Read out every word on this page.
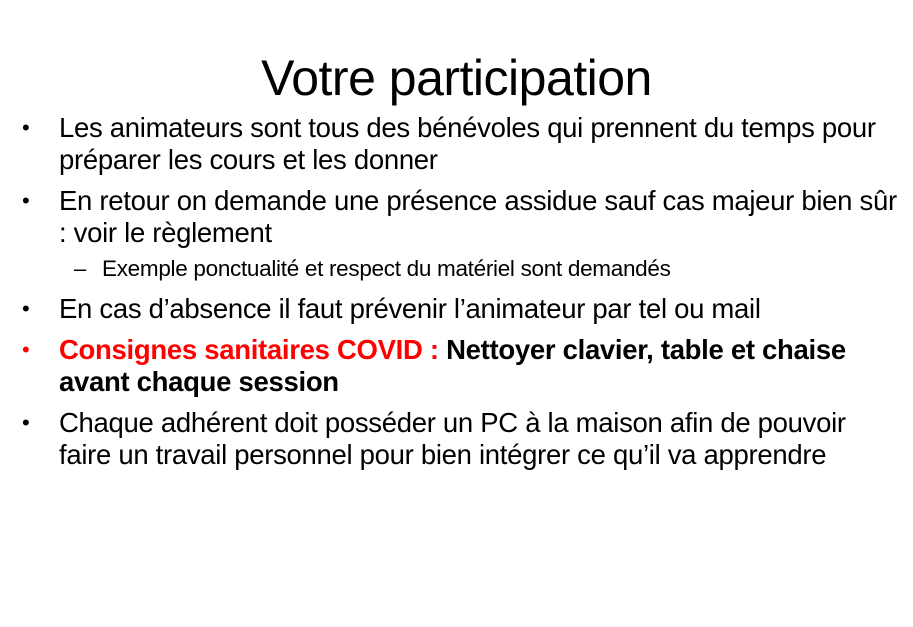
Votre participation
•	Les animateurs sont tous des bénévoles qui prennent du temps pour préparer les cours et les donner
•	En retour on demande une présence assidue sauf cas majeur bien sûr : voir le règlement
– Exemple ponctualité et respect du matériel sont demandés
•	En cas d’absence il faut prévenir l’animateur par tel ou mail
•	Consignes sanitaires COVID : Nettoyer clavier, table et chaise avant chaque session
•	Chaque adhérent doit posséder un PC à la maison afin de pouvoir faire un travail personnel pour bien intégrer ce qu’il va apprendre
